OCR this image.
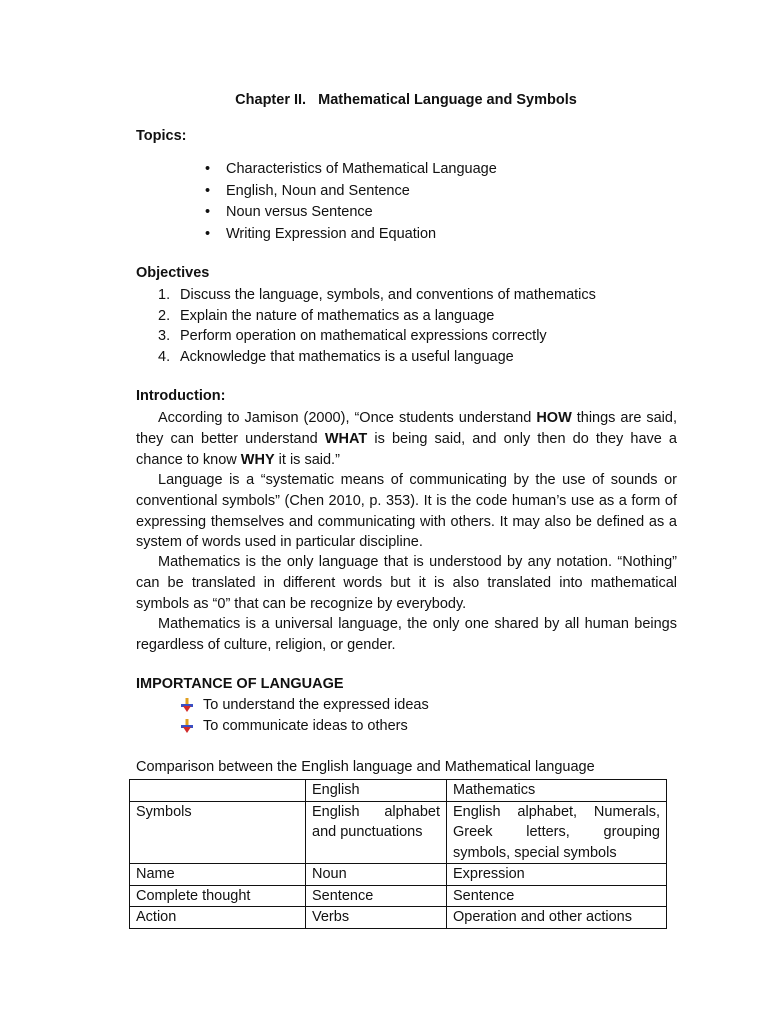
Chapter II.   Mathematical Language and Symbols
Topics:
• Characteristics of Mathematical Language
• English, Noun and Sentence
• Noun versus Sentence
• Writing Expression and Equation
Objectives
1. Discuss the language, symbols, and conventions of mathematics
2. Explain the nature of mathematics as a language
3. Perform operation on mathematical expressions correctly
4. Acknowledge that mathematics is a useful language
Introduction:

According to Jamison (2000), “Once students understand HOW things are said, they can better understand WHAT is being said, and only then do they have a chance to know WHY it is said.”

Language is a “systematic means of communicating by the use of sounds or conventional symbols” (Chen 2010, p. 353). It is the code human’s use as a form of expressing themselves and communicating with others. It may also be defined as a system of words used in particular discipline.

Mathematics is the only language that is understood by any notation. “Nothing” can be translated in different words but it is also translated into mathematical symbols as “0” that can be recognize by everybody.

Mathematics is a universal language, the only one shared by all human beings regardless of culture, religion, or gender.

IMPORTANCE OF LANGUAGE
To understand the expressed ideas
To communicate ideas to others
Comparison between the English language and Mathematical language
	English	Mathematics
Symbols	English alphabet and punctuations	English alphabet, Numerals, Greek letters, grouping symbols, special symbols
Name	Noun	Expression
Complete thought	Sentence	Sentence
Action	Verbs	Operation and other actions
